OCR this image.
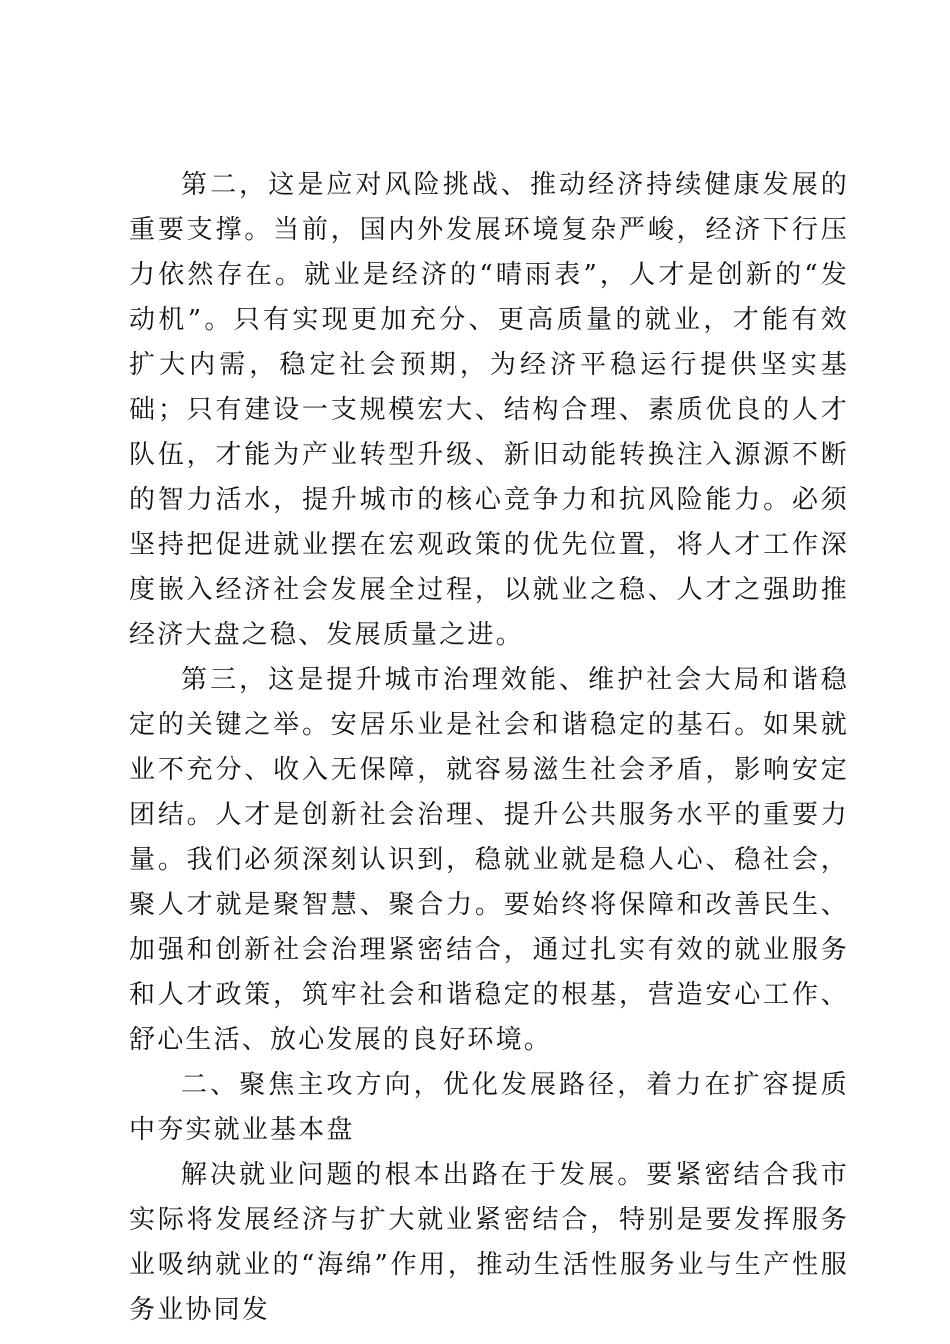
第二，这是应对风险挑战、推动经济持续健康发展的重要支撑。当前，国内外发展环境复杂严峻，经济下行压力依然存在。就业是经济的“晴雨表”，人才是创新的“发动机”。只有实现更加充分、更高质量的就业，才能有效扩大内需，稳定社会预期，为经济平稳运行提供坚实基础；只有建设一支规模宏大、结构合理、素质优良的人才队伍，才能为产业转型升级、新旧动能转换注入源源不断的智力活水，提升城市的核心竞争力和抗风险能力。必须坚持把促进就业摆在宏观政策的优先位置，将人才工作深度嵌入经济社会发展全过程，以就业之稳、人才之强助推经济大盘之稳、发展质量之进。

第三，这是提升城市治理效能、维护社会大局和谐稳定的关键之举。安居乐业是社会和谐稳定的基石。如果就业不充分、收入无保障，就容易滋生社会矛盾，影响安定团结。人才是创新社会治理、提升公共服务水平的重要力量。我们必须深刻认识到，稳就业就是稳人心、稳社会，聚人才就是聚智慧、聚合力。要始终将保障和改善民生、加强和创新社会治理紧密结合，通过扎实有效的就业服务和人才政策，筑牢社会和谐稳定的根基，营造安心工作、舒心生活、放心发展的良好环境。

二、聚焦主攻方向，优化发展路径，着力在扩容提质中夯实就业基本盘

解决就业问题的根本出路在于发展。要紧密结合我市实际将发展经济与扩大就业紧密结合，特别是要发挥服务业吸纳就业的“海绵”作用，推动生活性服务业与生产性服务业协同发
